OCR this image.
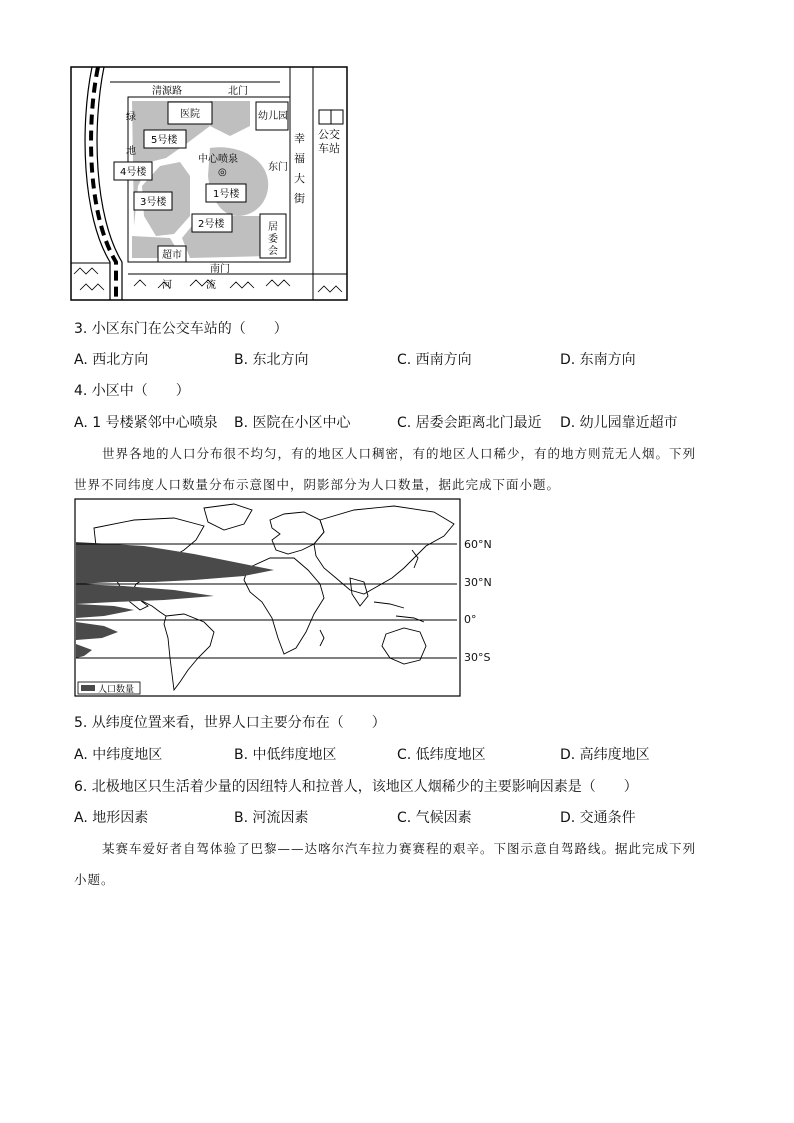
清源路	北门
医院	幼儿园
绿
地
5号楼
4号楼
3号楼
1号楼
2号楼
中心喷泉
◎	东门
居
委
会
超市
南门
幸
福
大
街
公交
车站
河	流
3. 小区东门在公交车站的（　　）
A. 西北方向	B. 东北方向	C. 西南方向	D. 东南方向
4. 小区中（　　）
A. 1 号楼紧邻中心喷泉 B. 医院在小区中心	C. 居委会距离北门最近 D. 幼儿园靠近超市
世界各地的人口分布很不均匀，有的地区人口稠密，有的地区人口稀少，有的地方则荒无人烟。下列
世界不同纬度人口数量分布示意图中，阴影部分为人口数量，据此完成下面小题。
人口数量
60°N
30°N
0°
30°S
5. 从纬度位置来看，世界人口主要分布在（　　）
A. 中纬度地区	B. 中低纬度地区	C. 低纬度地区	D. 高纬度地区
6. 北极地区只生活着少量的因纽特人和拉普人，该地区人烟稀少的主要影响因素是（　　）
A. 地形因素	B. 河流因素	C. 气候因素	D. 交通条件
某赛车爱好者自驾体验了巴黎——达喀尔汽车拉力赛赛程的艰辛。下图示意自驾路线。据此完成下列
小题。
